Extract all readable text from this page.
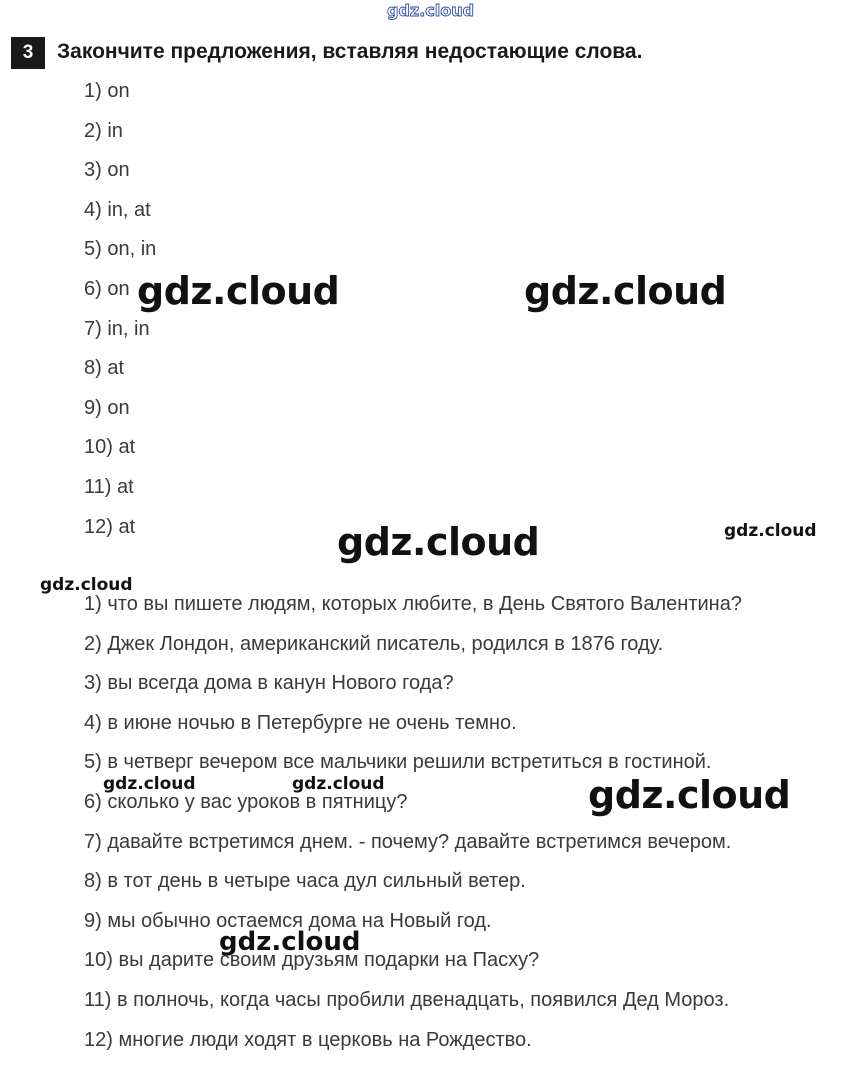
gdz.cloud
3	Закончите предложения, вставляя недостающие слова.
1) on
2) in
3) on
4) in, at
5) on, in
6) on
7) in, in
8) at
9) on
10) at
11) at
12) at
1) что вы пишете людям, которых любите, в День Святого Валентина?
2) Джек Лондон, американский писатель, родился в 1876 году.
3) вы всегда дома в канун Нового года?
4) в июне ночью в Петербурге не очень темно.
5) в четверг вечером все мальчики решили встретиться в гостиной.
6) сколько у вас уроков в пятницу?
7) давайте встретимся днем. - почему? давайте встретимся вечером.
8) в тот день в четыре часа дул сильный ветер.
9) мы обычно остаемся дома на Новый год.
10) вы дарите своим друзьям подарки на Пасху?
11) в полночь, когда часы пробили двенадцать, появился Дед Мороз.
12) многие люди ходят в церковь на Рождество.
gdz.cloud	gdz.cloud
gdz.cloud	gdz.cloud
gdz.cloud
gdz.cloud	gdz.cloud	gdz.cloud
gdz.cloud
